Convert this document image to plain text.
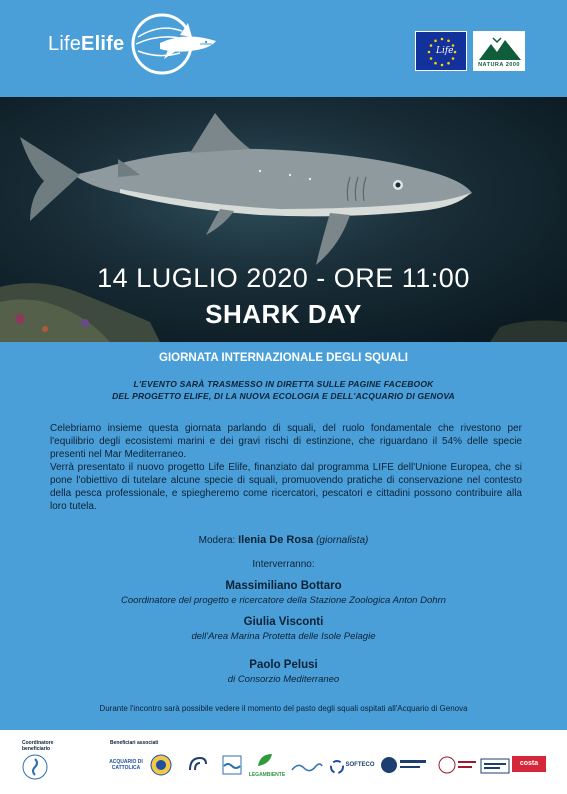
LifeElife	Life
NATURA 2000
14 LUGLIO 2020 - ORE 11:00
SHARK DAY
GIORNATA INTERNAZIONALE DEGLI SQUALI
L'EVENTO SARÀ TRASMESSO IN DIRETTA SULLE PAGINE FACEBOOK
DEL PROGETTO ELIFE, DI LA NUOVA ECOLOGIA E DELL'ACQUARIO DI GENOVA

Celebriamo insieme questa giornata parlando di squali, del ruolo fondamentale che rivestono per l'equilibrio degli ecosistemi marini e dei gravi rischi di estinzione, che riguardano il 54% delle specie presenti nel Mar Mediterraneo.

Verrà presentato il nuovo progetto Life Elife, finanziato dal programma LIFE dell'Unione Europea, che si pone l'obiettivo di tutelare alcune specie di squali, promuovendo pratiche di conservazione nel contesto della pesca professionale, e spiegheremo come ricercatori, pescatori e cittadini possono contribuire alla loro tutela.

Modera: Ilenia De Rosa (giornalista)
Interverranno:
Massimiliano Bottaro
Coordinatore del progetto e ricercatore della Stazione Zoologica Anton Dohrn
Giulia Visconti
dell'Area Marina Protetta delle Isole Pelagie
Paolo Pelusi
di Consorzio Mediterraneo
Durante l'incontro sarà possibile vedere il momento del pasto degli squali ospitati all'Acquario di Genova
Coordinatore beneficiario
Beneficiari associati
ACQUARIO DI CATTOLICA
LEGAMBIENTE
SOFTECO	costa
